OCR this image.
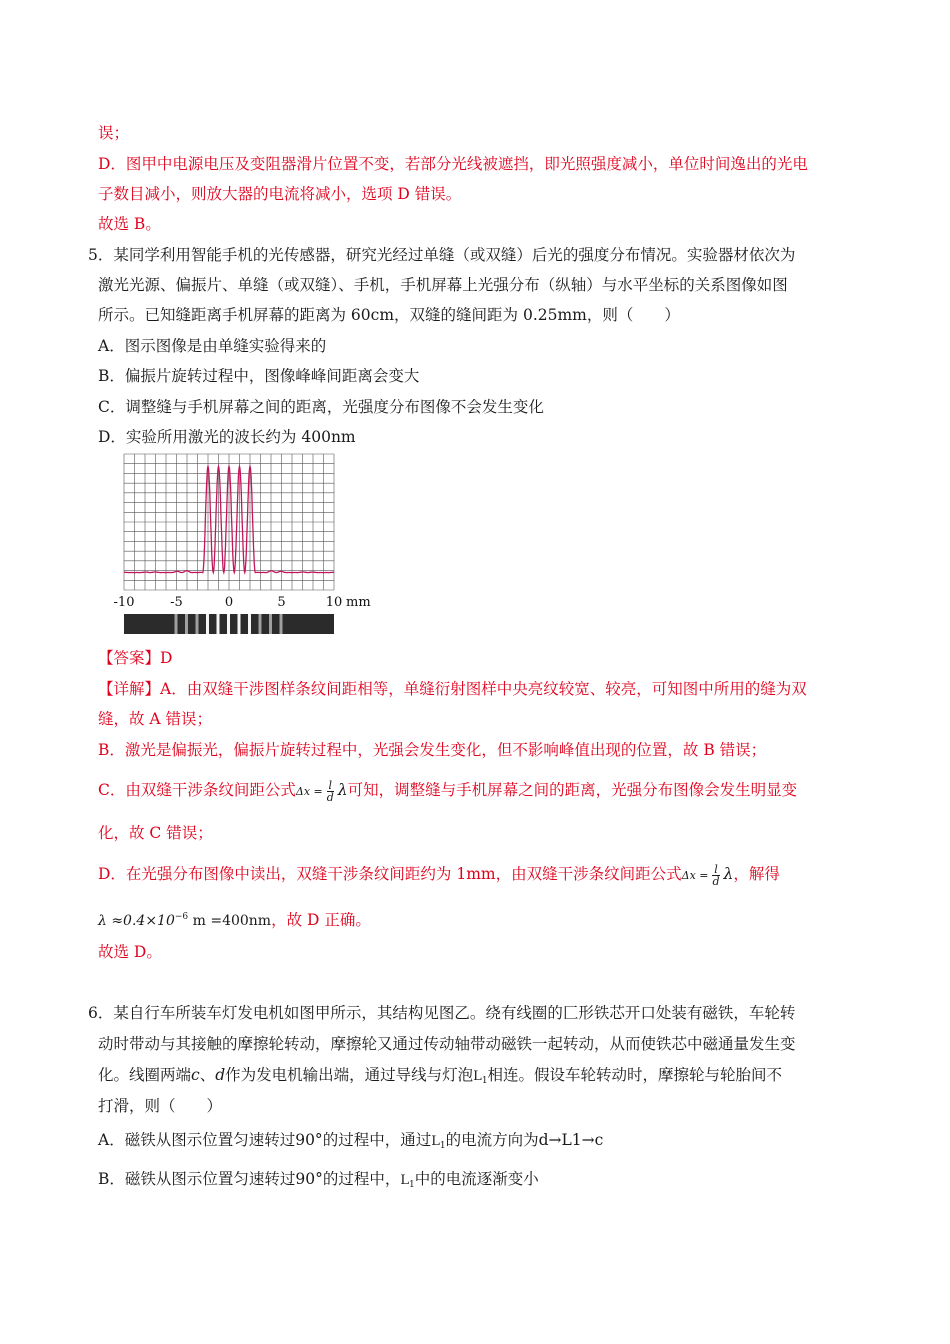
误；
D．图甲中电源电压及变阻器滑片位置不变，若部分光线被遮挡，即光照强度减小，单位时间逸出的光电
子数目减小，则放大器的电流将减小，选项 D 错误。
故选 B。
5．某同学利用智能手机的光传感器，研究光经过单缝（或双缝）后光的强度分布情况。实验器材依次为
激光光源、偏振片、单缝（或双缝）、手机，手机屏幕上光强分布（纵轴）与水平坐标的关系图像如图
所示。已知缝距离手机屏幕的距离为 60cm，双缝的缝间距为 0.25mm，则（　　）
A．图示图像是由单缝实验得来的
B．偏振片旋转过程中，图像峰峰间距离会变大
C．调整缝与手机屏幕之间的距离，光强度分布图像不会发生变化
D．实验所用激光的波长约为 400nm
-10	-5	0	5	10 mm
【答案】D
【详解】A．由双缝干涉图样条纹间距相等，单缝衍射图样中央亮纹较宽、较亮，可知图中所用的缝为双
缝，故 A 错误；
B．激光是偏振光，偏振片旋转过程中，光强会发生变化，但不影响峰值出现的位置，故 B 错误；
C．由双缝干涉条纹间距公式$\Delta x = \frac{l}{d}$ λ可知，调整缝与手机屏幕之间的距离，光强分布图像会发生明显变
化，故 C 错误；
D．在光强分布图像中读出，双缝干涉条纹间距约为 1mm，由双缝干涉条纹间距公式$\Delta x = \frac{l}{d}$ λ，解得
$\lambda \approx 0.4\times 10^{-6}$ m =400nm，故 D 正确。
故选 D。
6．某自行车所装车灯发电机如图甲所示，其结构见图乙。绕有线圈的匚形铁芯开口处装有磁铁，车轮转
动时带动与其接触的摩擦轮转动，摩擦轮又通过传动轴带动磁铁一起转动，从而使铁芯中磁通量发生变
化。线圈两端c、d作为发电机输出端，通过导线与灯泡$L_1$相连。假设车轮转动时，摩擦轮与轮胎间不
打滑，则（　　）
A．磁铁从图示位置匀速转过90°的过程中，通过$L_1$的电流方向为d→L1→c
B．磁铁从图示位置匀速转过90°的过程中，$L_1$中的电流逐渐变小
